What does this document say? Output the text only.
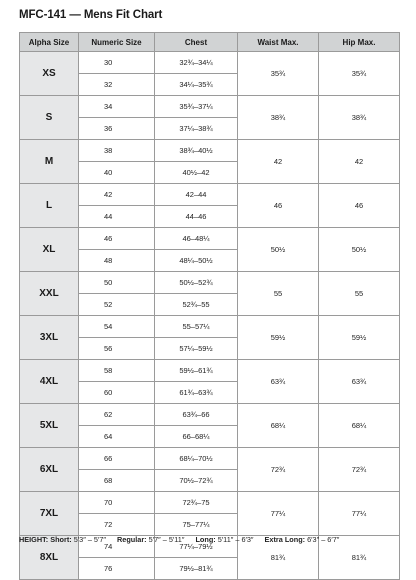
MFC-141 — Mens Fit Chart
Alpha Size	Numeric Size	Chest	Waist Max.	Hip Max.
XS	30	32¾–34¼	35¾	35¾
	32	34¼–35¾		
S	34	35¾–37¼	38¾	38¾
	36	37¼–38¾		
M	38	38¾–40½	42	42
	40	40½–42		
L	42	42–44	46	46
	44	44–46		
XL	46	46–48¼	50½	50½
	48	48¼–50½		
XXL	50	50½–52¾	55	55
	52	52¾–55		
3XL	54	55–57¼	59½	59½
	56	57¼–59½		
4XL	58	59½–61¾	63¾	63¾
	60	61¾–63¾		
5XL	62	63¾–66	68¼	68¼
	64	66–68¼		
6XL	66	68¼–70½	72¾	72¾
	68	70½–72¾		
7XL	70	72¾–75	77¼	77¼
	72	75–77¼		
8XL	74	77¼–79½	81¾	81¾
	76	79½–81¾		
HEIGHT: Short: 5′3″ – 5′7″ Regular: 5′7″ – 5′11″ Long: 5′11″ – 6′3″ Extra Long: 6′3″ – 6′7″
